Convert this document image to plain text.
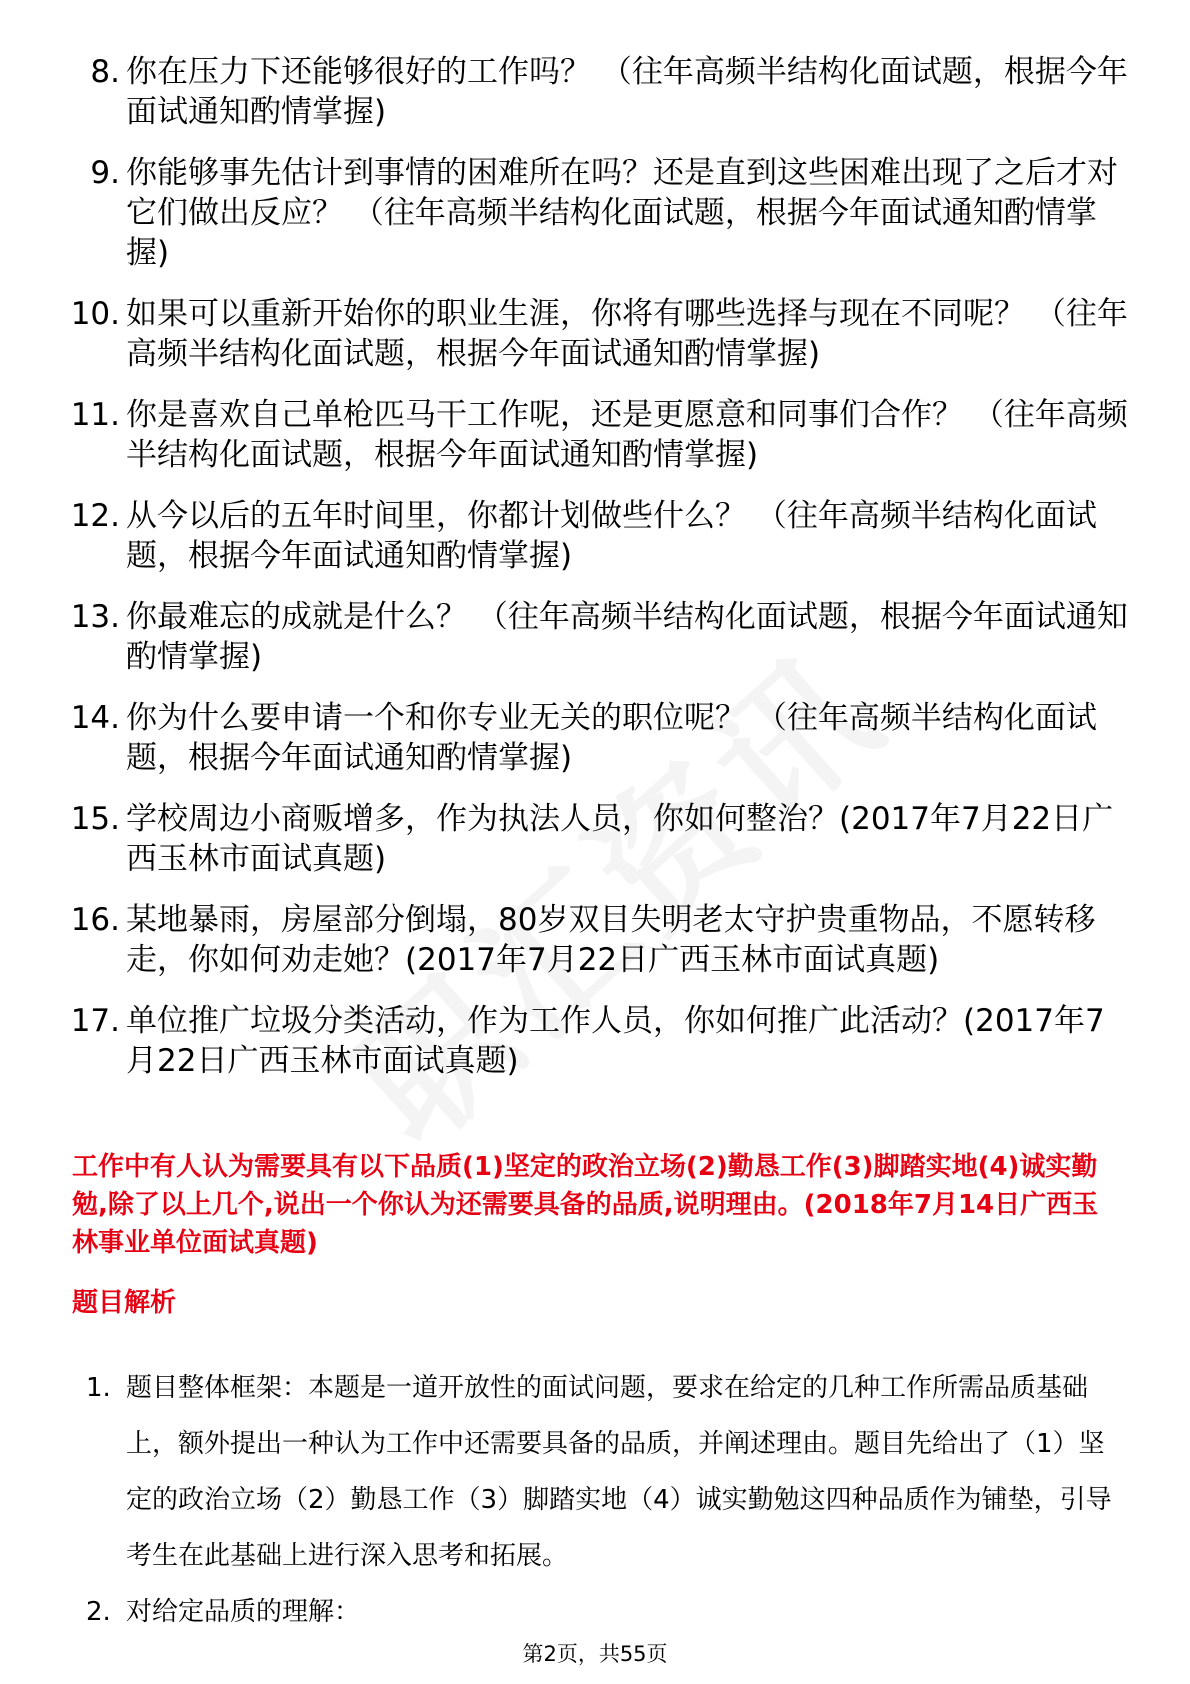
8. 你在压力下还能够很好的工作吗？ （往年高频半结构化面试题，根据今年面试通知酌情掌握)
9. 你能够事先估计到事情的困难所在吗？还是直到这些困难出现了之后才对它们做出反应？ （往年高频半结构化面试题，根据今年面试通知酌情掌握)
10. 如果可以重新开始你的职业生涯，你将有哪些选择与现在不同呢？ （往年高频半结构化面试题，根据今年面试通知酌情掌握)
11. 你是喜欢自己单枪匹马干工作呢，还是更愿意和同事们合作？ （往年高频半结构化面试题，根据今年面试通知酌情掌握)
12. 从今以后的五年时间里，你都计划做些什么？ （往年高频半结构化面试题，根据今年面试通知酌情掌握)
13. 你最难忘的成就是什么？ （往年高频半结构化面试题，根据今年面试通知酌情掌握)
14. 你为什么要申请一个和你专业无关的职位呢？ （往年高频半结构化面试题，根据今年面试通知酌情掌握)
15. 学校周边小商贩增多，作为执法人员，你如何整治？(2017年7月22日广西玉林市面试真题)
16. 某地暴雨，房屋部分倒塌，80岁双目失明老太守护贵重物品，不愿转移走，你如何劝走她？(2017年7月22日广西玉林市面试真题)
17. 单位推广垃圾分类活动，作为工作人员，你如何推广此活动？(2017年7月22日广西玉林市面试真题)
工作中有人认为需要具有以下品质(1)坚定的政治立场(2)勤恳工作(3)脚踏实地(4)诚实勤勉,除了以上几个,说出一个你认为还需要具备的品质,说明理由。(2018年7月14日广西玉林事业单位面试真题)
题目解析
1. 题目整体框架：本题是一道开放性的面试问题，要求在给定的几种工作所需品质基础上，额外提出一种认为工作中还需要具备的品质，并阐述理由。题目先给出了（1）坚定的政治立场（2）勤恳工作（3）脚踏实地（4）诚实勤勉这四种品质作为铺垫，引导考生在此基础上进行深入思考和拓展。
2. 对给定品质的理解：
第2页，共55页
